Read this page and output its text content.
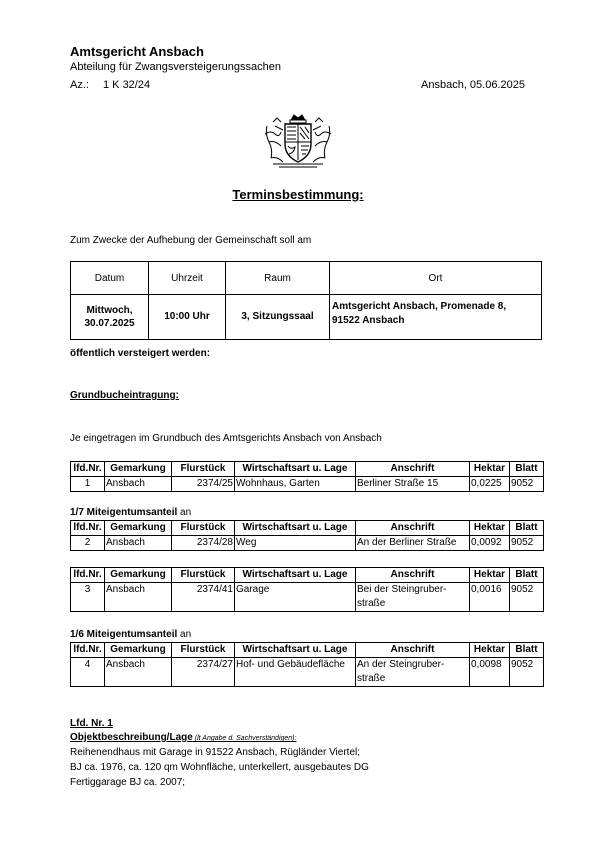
Amtsgericht Ansbach
Abteilung für Zwangsversteigerungssachen
Az.: 1 K 32/24	Ansbach, 05.06.2025
Terminsbestimmung:
Zum Zwecke der Aufhebung der Gemeinschaft soll am
Datum	Uhrzeit	Raum	Ort
Mittwoch,
30.07.2025	10:00 Uhr	3, Sitzungssaal	Amtsgericht Ansbach, Promenade 8,
91522 Ansbach
öffentlich versteigert werden:
Grundbucheintragung:
Je eingetragen im Grundbuch des Amtsgerichts Ansbach von Ansbach
lfd.Nr.	Gemarkung	Flurstück	Wirtschaftsart u. Lage	Anschrift	Hektar	Blatt
1	Ansbach	2374/25	Wohnhaus, Garten	Berliner Straße 15	0,0225	9052
1/7 Miteigentumsanteil an
lfd.Nr.	Gemarkung	Flurstück	Wirtschaftsart u. Lage	Anschrift	Hektar	Blatt
2	Ansbach	2374/28	Weg	An der Berliner Straße	0,0092	9052
lfd.Nr.	Gemarkung	Flurstück	Wirtschaftsart u. Lage	Anschrift	Hektar	Blatt
3	Ansbach	2374/41	Garage	Bei der Steingruber-
straße	0,0016	9052
1/6 Miteigentumsanteil an
lfd.Nr.	Gemarkung	Flurstück	Wirtschaftsart u. Lage	Anschrift	Hektar	Blatt
4	Ansbach	2374/27	Hof- und Gebäudefläche	An der Steingruber-
straße	0,0098	9052
Lfd. Nr. 1
Objektbeschreibung/Lage (lt Angabe d. Sachverständigen):
Reihenendhaus mit Garage in 91522 Ansbach, Rügländer Viertel;
BJ ca. 1976, ca. 120 qm Wohnfläche, unterkellert, ausgebautes DG
Fertiggarage BJ ca. 2007;
